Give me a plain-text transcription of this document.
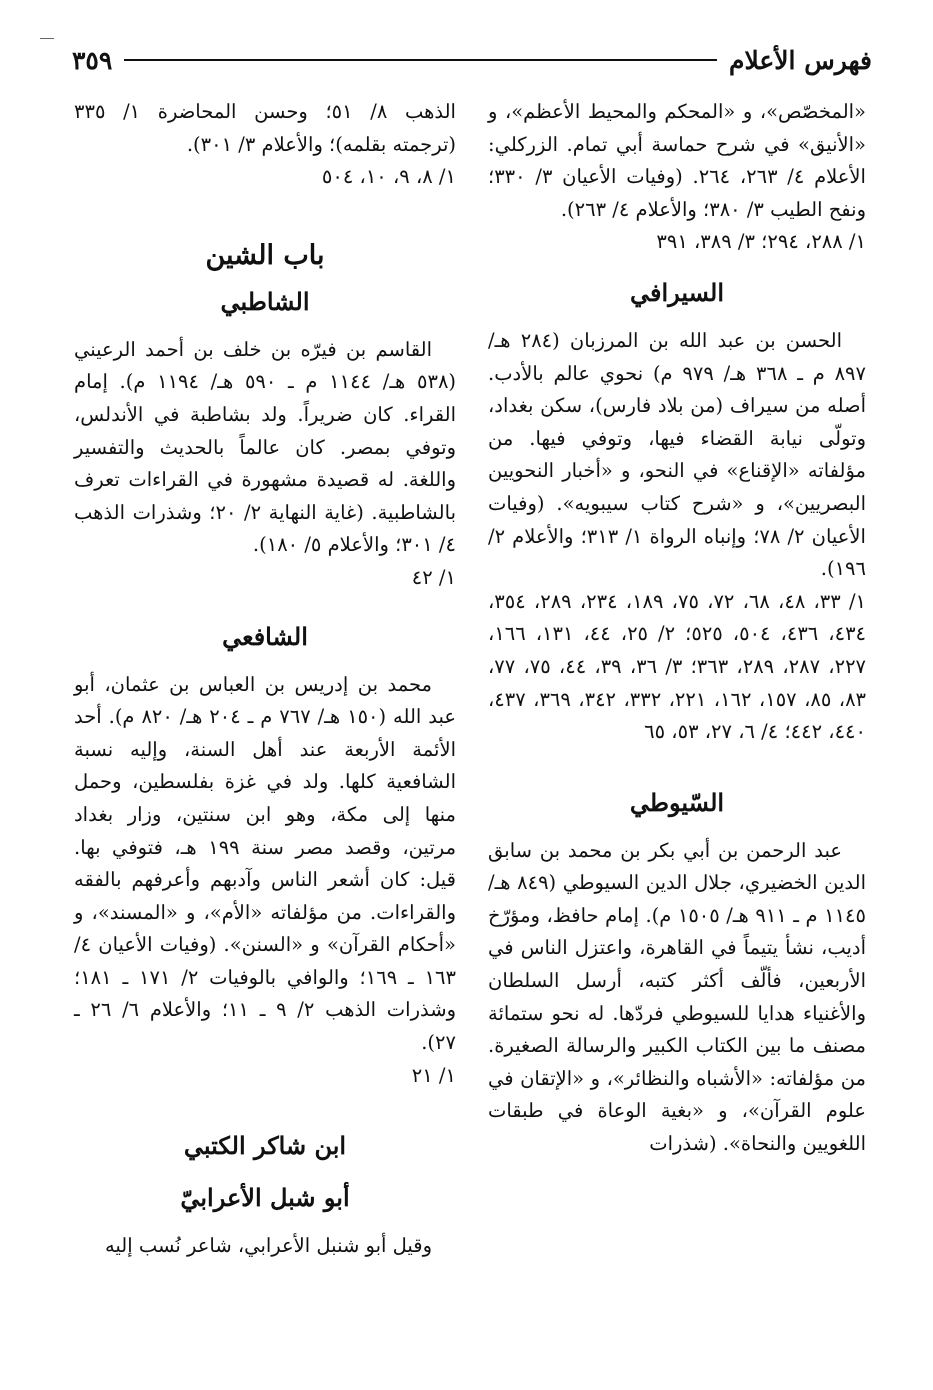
فهرس الأعلام
٣٥٩

«المخصّص»، و «المحكم والمحيط الأعظم»، و «الأنيق» في شرح حماسة أبي تمام. الزركلي: الأعلام ٤/ ٢٦٣، ٢٦٤. (وفيات الأعيان ٣/ ٣٣٠؛ ونفح الطيب ٣/ ٣٨٠؛ والأعلام ٤/ ٢٦٣).

١/ ٢٨٨، ٢٩٤؛ ٣/ ٣٨٩، ٣٩١

السيرافي

الحسن بن عبد الله بن المرزبان (٢٨٤ هـ/ ٨٩٧ م ـ ٣٦٨ هـ/ ٩٧٩ م) نحوي عالم بالأدب. أصله من سيراف (من بلاد فارس)، سكن بغداد، وتولّى نيابة القضاء فيها، وتوفي فيها. من مؤلفاته «الإقناع» في النحو، و «أخبار النحويين البصريين»، و «شرح كتاب سيبويه». (وفيات الأعيان ٢/ ٧٨؛ وإنباه الرواة ١/ ٣١٣؛ والأعلام ٢/ ١٩٦).

١/ ٣٣، ٤٨، ٦٨، ٧٢، ٧٥، ١٨٩، ٢٣٤، ٢٨٩، ٣٥٤، ٤٣٤، ٤٣٦، ٥٠٤، ٥٢٥؛ ٢/ ٢٥، ٤٤، ١٣١، ١٦٦، ٢٢٧، ٢٨٧، ٢٨٩، ٣٦٣؛ ٣/ ٣٦، ٣٩، ٤٤، ٧٥، ٧٧، ٨٣، ٨٥، ١٥٧، ١٦٢، ٢٢١، ٣٣٢، ٣٤٢، ٣٦٩، ٤٣٧، ٤٤٠، ٤٤٢؛ ٤/ ٦، ٢٧، ٥٣، ٦٥

السّيوطي

عبد الرحمن بن أبي بكر بن محمد بن سابق الدين الخضيري، جلال الدين السيوطي (٨٤٩ هـ/ ١١٤٥ م ـ ٩١١ هـ/ ١٥٠٥ م). إمام حافظ، ومؤرّخ أديب، نشأ يتيماً في القاهرة، واعتزل الناس في الأربعين، فألّف أكثر كتبه، أرسل السلطان والأغنياء هدايا للسيوطي فردّها. له نحو ستمائة مصنف ما بين الكتاب الكبير والرسالة الصغيرة. من مؤلفاته: «الأشباه والنظائر»، و «الإتقان في علوم القرآن»، و «بغية الوعاة في طبقات اللغويين والنحاة». (شذرات

الذهب ٨/ ٥١؛ وحسن المحاضرة ١/ ٣٣٥ (ترجمته بقلمه)؛ والأعلام ٣/ ٣٠١).

١/ ٨، ٩، ١٠، ٥٠٤

باب الشين
الشاطبي

القاسم بن فيرّه بن خلف بن أحمد الرعيني (٥٣٨ هـ/ ١١٤٤ م ـ ٥٩٠ هـ/ ١١٩٤ م). إمام القراء. كان ضريراً. ولد بشاطبة في الأندلس، وتوفي بمصر. كان عالماً بالحديث والتفسير واللغة. له قصيدة مشهورة في القراءات تعرف بالشاطبية. (غاية النهاية ٢/ ٢٠؛ وشذرات الذهب ٤/ ٣٠١؛ والأعلام ٥/ ١٨٠).

١/ ٤٢

الشافعي

محمد بن إدريس بن العباس بن عثمان، أبو عبد الله (١٥٠ هـ/ ٧٦٧ م ـ ٢٠٤ هـ/ ٨٢٠ م). أحد الأئمة الأربعة عند أهل السنة، وإليه نسبة الشافعية كلها. ولد في غزة بفلسطين، وحمل منها إلى مكة، وهو ابن سنتين، وزار بغداد مرتين، وقصد مصر سنة ١٩٩ هـ، فتوفي بها. قيل: كان أشعر الناس وآدبهم وأعرفهم بالفقه والقراءات. من مؤلفاته «الأم»، و «المسند»، و «أحكام القرآن» و «السنن». (وفيات الأعيان ٤/ ١٦٣ ـ ١٦٩؛ والوافي بالوفيات ٢/ ١٧١ ـ ١٨١؛ وشذرات الذهب ٢/ ٩ ـ ١١؛ والأعلام ٦/ ٢٦ ـ ٢٧).

١/ ٢١

ابن شاكر الكتبي
أبو شبل الأعرابيّ

وقيل أبو شنبل الأعرابي، شاعر نُسب إليه
